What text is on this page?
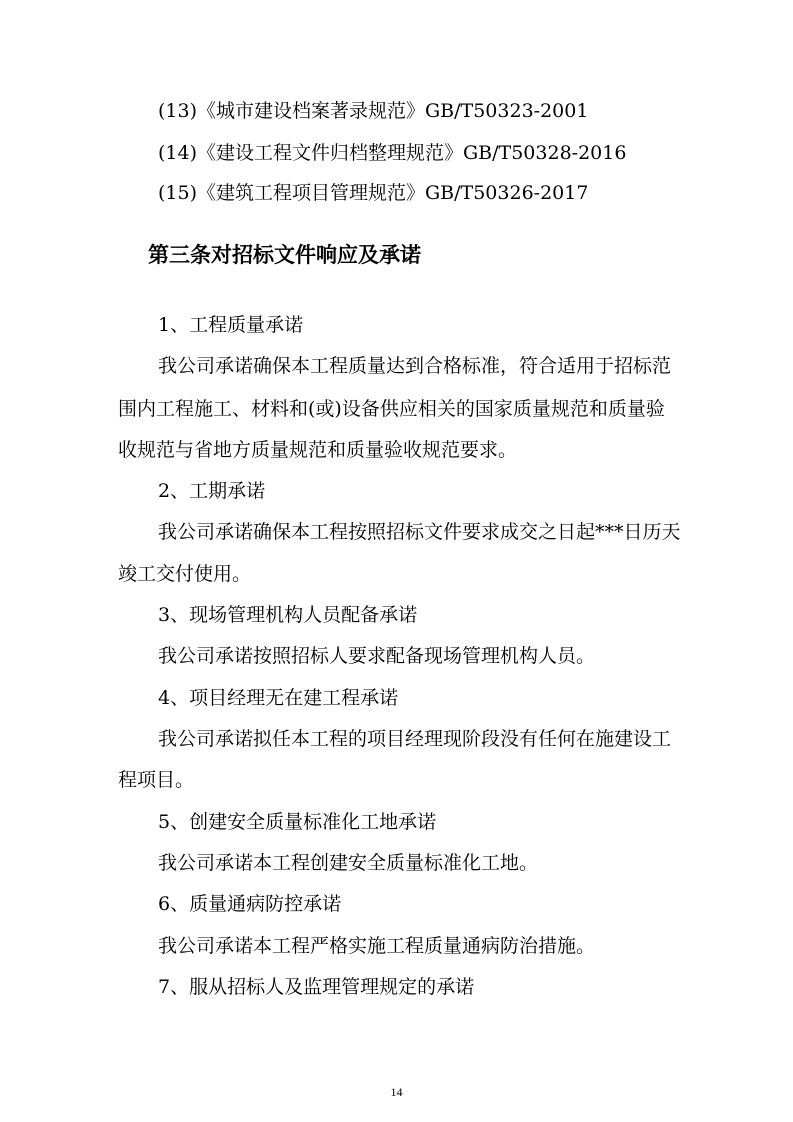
(13)《城市建设档案著录规范》GB/T50323-2001
(14)《建设工程文件归档整理规范》GB/T50328-2016
(15)《建筑工程项目管理规范》GB/T50326-2017
第三条对招标文件响应及承诺
1、工程质量承诺
我公司承诺确保本工程质量达到合格标准，符合适用于招标范
围内工程施工、材料和(或)设备供应相关的国家质量规范和质量验
收规范与省地方质量规范和质量验收规范要求。
2、工期承诺
我公司承诺确保本工程按照招标文件要求成交之日起***日历天
竣工交付使用。
3、现场管理机构人员配备承诺
我公司承诺按照招标人要求配备现场管理机构人员。
4、项目经理无在建工程承诺
我公司承诺拟任本工程的项目经理现阶段没有任何在施建设工
程项目。
5、创建安全质量标准化工地承诺
我公司承诺本工程创建安全质量标准化工地。
6、质量通病防控承诺
我公司承诺本工程严格实施工程质量通病防治措施。
7、服从招标人及监理管理规定的承诺
14
